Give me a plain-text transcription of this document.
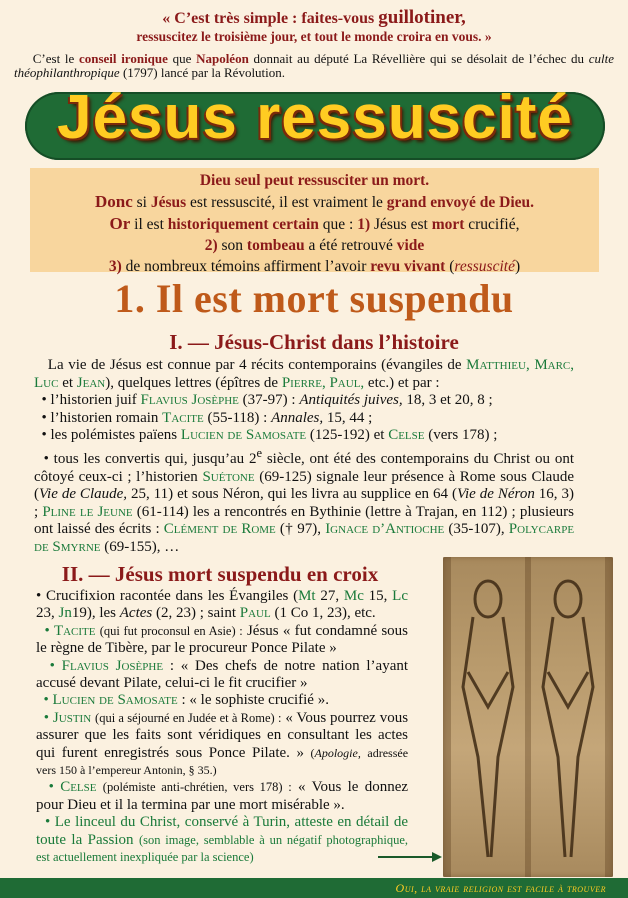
« C’est très simple : faites-vous guillotiner,
ressuscitez le troisième jour, et tout le monde croira en vous. »
C’est le conseil ironique que Napoléon donnait au député La Révellière qui se désolait de l’échec du culte théophilanthropique (1797) lancé par la Révolution.
Jésus ressuscité
Dieu seul peut ressusciter un mort.
Donc si Jésus est ressuscité, il est vraiment le grand envoyé de Dieu.
Or il est historiquement certain que : 1) Jésus est mort crucifié,
2) son tombeau a été retrouvé vide
3) de nombreux témoins affirment l’avoir revu vivant (ressuscité)
1. Il est mort suspendu
I. — Jésus-Christ dans l’histoire

La vie de Jésus est connue par 4 récits contemporains (évangiles de Matthieu, Marc, Luc et Jean), quelques lettres (épîtres de Pierre, Paul, etc.) et par :

• l’historien juif Flavius Josèphe (37-97) : Antiquités juives, 18, 3 et 20, 8 ;

• l’historien romain Tacite (55-118) : Annales, 15, 44 ;

• les polémistes païens Lucien de Samosate (125-192) et Celse (vers 178) ;

• tous les convertis qui, jusqu’au 2e siècle, ont été des contemporains du Christ ou ont côtoyé ceux-ci ; l’historien Suétone (69-125) signale leur présence à Rome sous Claude (Vie de Claude, 25, 11) et sous Néron, qui les livra au supplice en 64 (Vie de Néron 16, 3) ; Pline le Jeune (61-114) les a rencontrés en Bythinie (lettre à Trajan, en 112) ; plusieurs ont laissé des écrits : Clément de Rome († 97), Ignace d’Antioche (35-107), Polycarpe de Smyrne (69-155), …

II. — Jésus mort suspendu en croix

• Crucifixion racontée dans les Évangiles (Mt 27, Mc 15, Lc 23, Jn19), les Actes (2, 23) ; saint Paul (1 Co 1, 23), etc.

• Tacite (qui fut proconsul en Asie) : Jésus « fut condamné sous le règne de Tibère, par le procureur Ponce Pilate »

• Flavius Josèphe : « Des chefs de notre nation l’ayant accusé devant Pilate, celui-ci le fit crucifier »

• Lucien de Samosate : « le sophiste crucifié ».

• Justin (qui a séjourné en Judée et à Rome) : « Vous pourrez vous assurer que les faits sont véridiques en consultant les actes qui furent enregistrés sous Ponce Pilate. » (Apologie, adressée vers 150 à l’empereur Antonin, § 35.)

• Celse (polémiste anti-chrétien, vers 178) : « Vous le donnez pour Dieu et il la termina par une mort misérable ».

• Le linceul du Christ, conservé à Turin, atteste en détail de toute la Passion (son image, semblable à un négatif photographique, est actuellement inexpliquée par la science)

Oui, la vraie religion est facile à trouver
